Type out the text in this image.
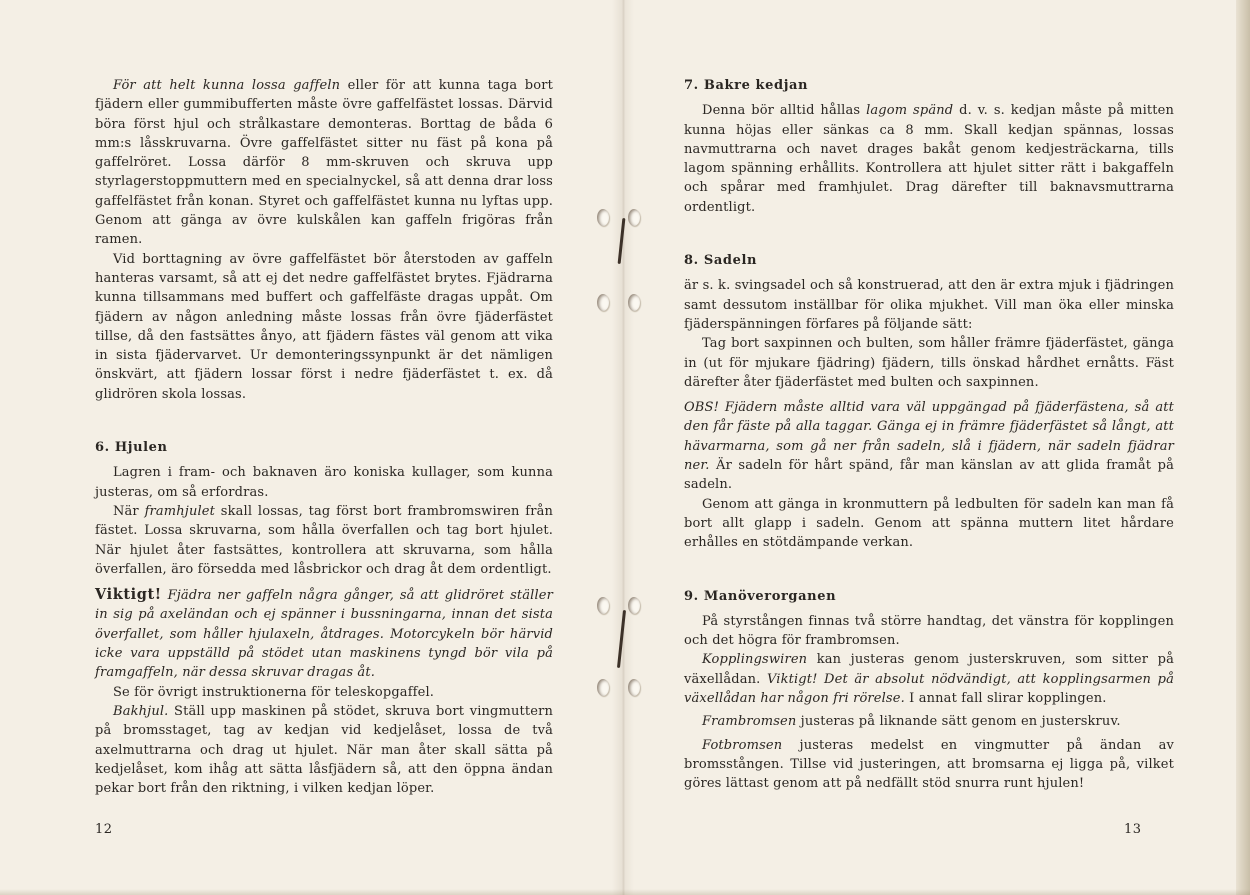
För att helt kunna lossa gaffeln eller för att kunna taga bort fjädern eller gummibufferten måste övre gaffelfästet lossas. Därvid böra först hjul och strålkastare demonteras. Borttag de båda 6 mm:s låsskruvarna. Övre gaffelfästet sitter nu fäst på kona på gaffelröret. Lossa därför 8 mm-skruven och skruva upp styrlagerstoppmuttern med en specialnyckel, så att denna drar loss gaffelfästet från konan. Styret och gaffelfästet kunna nu lyftas upp. Genom att gänga av övre kulskålen kan gaffeln frigöras från ramen.

Vid borttagning av övre gaffelfästet bör återstoden av gaffeln hanteras varsamt, så att ej det nedre gaffelfästet brytes. Fjädrarna kunna tillsammans med buffert och gaffelfäste dragas uppåt. Om fjädern av någon anledning måste lossas från övre fjäderfästet tillse, då den fastsättes ånyo, att fjädern fästes väl genom att vika in sista fjädervarvet. Ur demonteringssynpunkt är det nämligen önskvärt, att fjädern lossar först i nedre fjäderfästet t. ex. då glidrören skola lossas.

6. Hjulen

Lagren i fram- och baknaven äro koniska kullager, som kunna justeras, om så erfordras.

När framhjulet skall lossas, tag först bort frambromswiren från fästet. Lossa skruvarna, som hålla överfallen och tag bort hjulet. När hjulet åter fastsättes, kontrollera att skruvarna, som hålla överfallen, äro försedda med låsbrickor och drag åt dem ordentligt.

Viktigt! Fjädra ner gaffeln några gånger, så att glidröret ställer in sig på axeländan och ej spänner i bussningarna, innan det sista överfallet, som håller hjulaxeln, åtdrages. Motorcykeln bör härvid icke vara uppställd på stödet utan maskinens tyngd bör vila på framgaffeln, när dessa skruvar dragas åt.

Se för övrigt instruktionerna för teleskopgaffel.

Bakhjul. Ställ upp maskinen på stödet, skruva bort vingmuttern på bromsstaget, tag av kedjan vid kedjelåset, lossa de två axelmuttrarna och drag ut hjulet. När man åter skall sätta på kedjelåset, kom ihåg att sätta låsfjädern så, att den öppna ändan pekar bort från den riktning, i vilken kedjan löper.

12

7. Bakre kedjan

Denna bör alltid hållas lagom spänd d. v. s. kedjan måste på mitten kunna höjas eller sänkas ca 8 mm. Skall kedjan spännas, lossas navmuttrarna och navet drages bakåt genom kedjesträckarna, tills lagom spänning erhållits. Kontrollera att hjulet sitter rätt i bakgaffeln och spårar med framhjulet. Drag därefter till baknavsmuttrarna ordentligt.

8. Sadeln

är s. k. svingsadel och så konstruerad, att den är extra mjuk i fjädringen samt dessutom inställbar för olika mjukhet. Vill man öka eller minska fjäderspänningen förfares på följande sätt:

Tag bort saxpinnen och bulten, som håller främre fjäderfästet, gänga in (ut för mjukare fjädring) fjädern, tills önskad hårdhet ernåtts. Fäst därefter åter fjäderfästet med bulten och saxpinnen.

OBS! Fjädern måste alltid vara väl uppgängad på fjäderfästena, så att den får fäste på alla taggar. Gänga ej in främre fjäderfästet så långt, att hävarmarna, som gå ner från sadeln, slå i fjädern, när sadeln fjädrar ner. Är sadeln för hårt spänd, får man känslan av att glida framåt på sadeln.

Genom att gänga in kronmuttern på ledbulten för sadeln kan man få bort allt glapp i sadeln. Genom att spänna muttern litet hårdare erhålles en stötdämpande verkan.

9. Manöverorganen

På styrstången finnas två större handtag, det vänstra för kopplingen och det högra för frambromsen.

Kopplingswiren kan justeras genom justerskruven, som sitter på växellådan. Viktigt! Det är absolut nödvändigt, att kopplingsarmen på växellådan har någon fri rörelse. I annat fall slirar kopplingen.

Frambromsen justeras på liknande sätt genom en justerskruv.

Fotbromsen justeras medelst en vingmutter på ändan av bromsstången. Tillse vid justeringen, att bromsarna ej ligga på, vilket göres lättast genom att på nedfällt stöd snurra runt hjulen!

13
